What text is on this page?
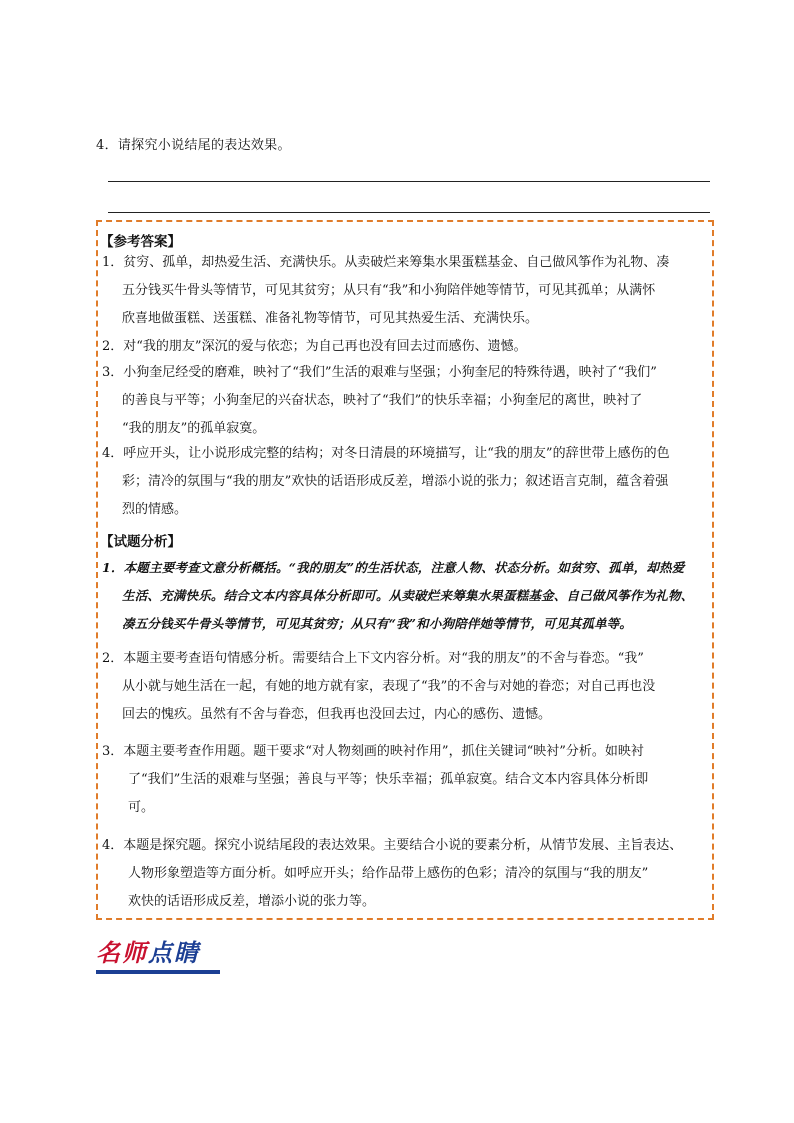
4．请探究小说结尾的表达效果。
【参考答案】
1．贫穷、孤单，却热爱生活、充满快乐。从卖破烂来筹集水果蛋糕基金、自己做风筝作为礼物、凑
五分钱买牛骨头等情节，可见其贫穷；从只有“我”和小狗陪伴她等情节，可见其孤单；从满怀
欣喜地做蛋糕、送蛋糕、准备礼物等情节，可见其热爱生活、充满快乐。
2．对“我的朋友”深沉的爱与依恋；为自己再也没有回去过而感伤、遗憾。
3．小狗奎尼经受的磨难，映衬了“我们”生活的艰难与坚强；小狗奎尼的特殊待遇，映衬了“我们”
的善良与平等；小狗奎尼的兴奋状态，映衬了“我们”的快乐幸福；小狗奎尼的离世，映衬了
“我的朋友”的孤单寂寞。
4．呼应开头，让小说形成完整的结构；对冬日清晨的环境描写，让“我的朋友”的辞世带上感伤的色
彩；清冷的氛围与“我的朋友”欢快的话语形成反差，增添小说的张力；叙述语言克制，蕴含着强
烈的情感。
【试题分析】
1．本题主要考查文意分析概括。“我的朋友”的生活状态，注意人物、状态分析。如贫穷、孤单，却热爱
生活、充满快乐。结合文本内容具体分析即可。从卖破烂来筹集水果蛋糕基金、自己做风筝作为礼物、
凑五分钱买牛骨头等情节，可见其贫穷；从只有“我”和小狗陪伴她等情节，可见其孤单等。
2．本题主要考查语句情感分析。需要结合上下文内容分析。对“我的朋友”的不舍与眷恋。“我”
从小就与她生活在一起，有她的地方就有家，表现了“我”的不舍与对她的眷恋；对自己再也没
回去的愧疚。虽然有不舍与眷恋，但我再也没回去过，内心的感伤、遗憾。
3．本题主要考查作用题。题干要求“对人物刻画的映衬作用”，抓住关键词“映衬”分析。如映衬
了“我们”生活的艰难与坚强；善良与平等；快乐幸福；孤单寂寞。结合文本内容具体分析即
可。
4．本题是探究题。探究小说结尾段的表达效果。主要结合小说的要素分析，从情节发展、主旨表达、
人物形象塑造等方面分析。如呼应开头；给作品带上感伤的色彩；清冷的氛围与“我的朋友”
欢快的话语形成反差，增添小说的张力等。
名师点睛
